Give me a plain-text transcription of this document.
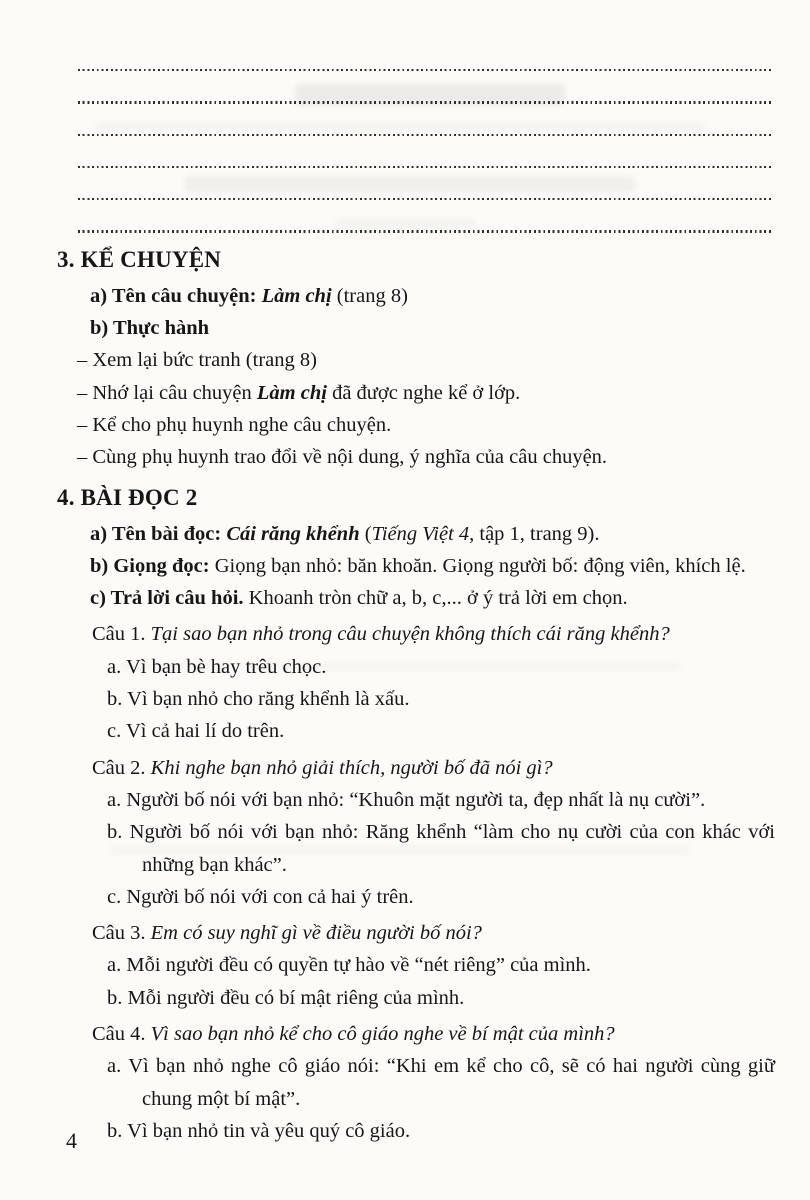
3. KỂ CHUYỆN
a) Tên câu chuyện: Làm chị (trang 8)
b) Thực hành
– Xem lại bức tranh (trang 8)
– Nhớ lại câu chuyện Làm chị đã được nghe kể ở lớp.
– Kể cho phụ huynh nghe câu chuyện.
– Cùng phụ huynh trao đổi về nội dung, ý nghĩa của câu chuyện.
4. BÀI ĐỌC 2
a) Tên bài đọc: Cái răng khểnh (Tiếng Việt 4, tập 1, trang 9).
b) Giọng đọc: Giọng bạn nhỏ: băn khoăn. Giọng người bố: động viên, khích lệ.
c) Trả lời câu hỏi. Khoanh tròn chữ a, b, c,... ở ý trả lời em chọn.
Câu 1. Tại sao bạn nhỏ trong câu chuyện không thích cái răng khểnh?
a. Vì bạn bè hay trêu chọc.
b. Vì bạn nhỏ cho răng khểnh là xấu.
c. Vì cả hai lí do trên.
Câu 2. Khi nghe bạn nhỏ giải thích, người bố đã nói gì?
a. Người bố nói với bạn nhỏ: “Khuôn mặt người ta, đẹp nhất là nụ cười”.
b. Người bố nói với bạn nhỏ: Răng khểnh “làm cho nụ cười của con khác với những bạn khác”.
c. Người bố nói với con cả hai ý trên.
Câu 3. Em có suy nghĩ gì về điều người bố nói?
a. Mỗi người đều có quyền tự hào về “nét riêng” của mình.
b. Mỗi người đều có bí mật riêng của mình.
Câu 4. Vì sao bạn nhỏ kể cho cô giáo nghe về bí mật của mình?
a. Vì bạn nhỏ nghe cô giáo nói: “Khi em kể cho cô, sẽ có hai người cùng giữ chung một bí mật”.
b. Vì bạn nhỏ tin và yêu quý cô giáo.
4
